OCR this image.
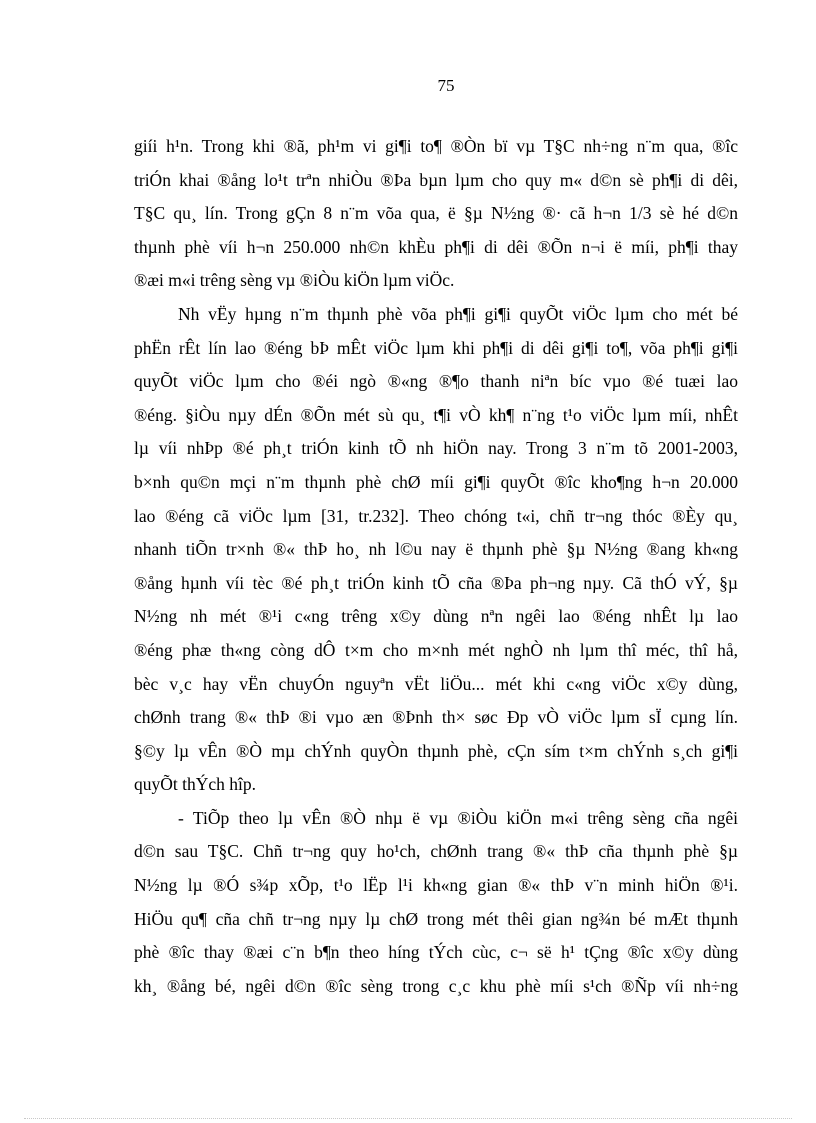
75
giíi h¹n. Trong khi ®ã, ph¹m vi gi¶i to¶ ®Òn bï vµ T§C nh÷ng n¨m qua, ®îc
triÓn khai ®ång lo¹t trªn nhiÒu ®Þa bµn lµm cho quy m« d©n sè ph¶i di dêi,
T§C qu¸ lín. Trong gÇn 8 n¨m võa qua, ë §µ N½ng ®· cã h¬n 1/3 sè hé d©n
thµnh phè víi h¬n 250.000 nh©n khÈu ph¶i di dêi ®Õn n¬i ë míi, ph¶i thay
®æi m«i trêng sèng vµ ®iÒu kiÖn lµm viÖc.
Nh vËy hµng n¨m thµnh phè võa ph¶i gi¶i quyÕt viÖc lµm cho mét bé
phËn rÊt lín lao ®éng bÞ mÊt viÖc lµm khi ph¶i di dêi gi¶i to¶, võa ph¶i gi¶i
quyÕt viÖc lµm cho ®éi ngò ®«ng ®¶o thanh niªn bíc vµo ®é tuæi lao
®éng. §iÒu nµy dÉn ®Õn mét sù qu¸ t¶i vÒ kh¶ n¨ng t¹o viÖc lµm míi, nhÊt
lµ víi nhÞp ®é ph¸t triÓn kinh tÕ nh hiÖn nay. Trong 3 n¨m tõ 2001-2003,
b×nh qu©n mçi n¨m thµnh phè chØ míi gi¶i quyÕt ®îc kho¶ng h¬n 20.000
lao ®éng cã viÖc lµm [31, tr.232]. Theo chóng t«i, chñ tr¬ng thóc ®Èy qu¸
nhanh tiÕn tr×nh ®« thÞ ho¸ nh l©u nay ë thµnh phè §µ N½ng ®ang kh«ng
®ång hµnh víi tèc ®é ph¸t triÓn kinh tÕ cña ®Þa ph¬ng nµy. Cã thÓ vÝ, §µ
N½ng nh mét ®¹i c«ng trêng x©y dùng nªn ngêi lao ®éng nhÊt lµ lao
®éng phæ th«ng còng dÔ t×m cho m×nh mét nghÒ nh lµm thî méc, thî hå,
bèc v¸c hay vËn chuyÓn nguyªn vËt liÖu... mét khi c«ng viÖc x©y dùng,
chØnh trang ®« thÞ ®i vµo æn ®Þnh th× søc Ðp vÒ viÖc lµm sÏ cµng lín.
§©y lµ vÊn ®Ò mµ chÝnh quyÒn thµnh phè, cÇn sím t×m chÝnh s¸ch gi¶i
quyÕt thÝch hîp.
- TiÕp theo lµ vÊn ®Ò nhµ ë vµ ®iÒu kiÖn m«i trêng sèng cña ngêi
d©n sau T§C. Chñ tr¬ng quy ho¹ch, chØnh trang ®« thÞ cña thµnh phè §µ
N½ng lµ ®Ó s¾p xÕp, t¹o lËp l¹i kh«ng gian ®« thÞ v¨n minh hiÖn ®¹i.
HiÖu qu¶ cña chñ tr¬ng nµy lµ chØ trong mét thêi gian ng¾n bé mÆt thµnh
phè ®îc thay ®æi c¨n b¶n theo híng tÝch cùc, c¬ së h¹ tÇng ®îc x©y dùng
kh¸ ®ång bé, ngêi d©n ®îc sèng trong c¸c khu phè míi s¹ch ®Ñp víi nh÷ng
